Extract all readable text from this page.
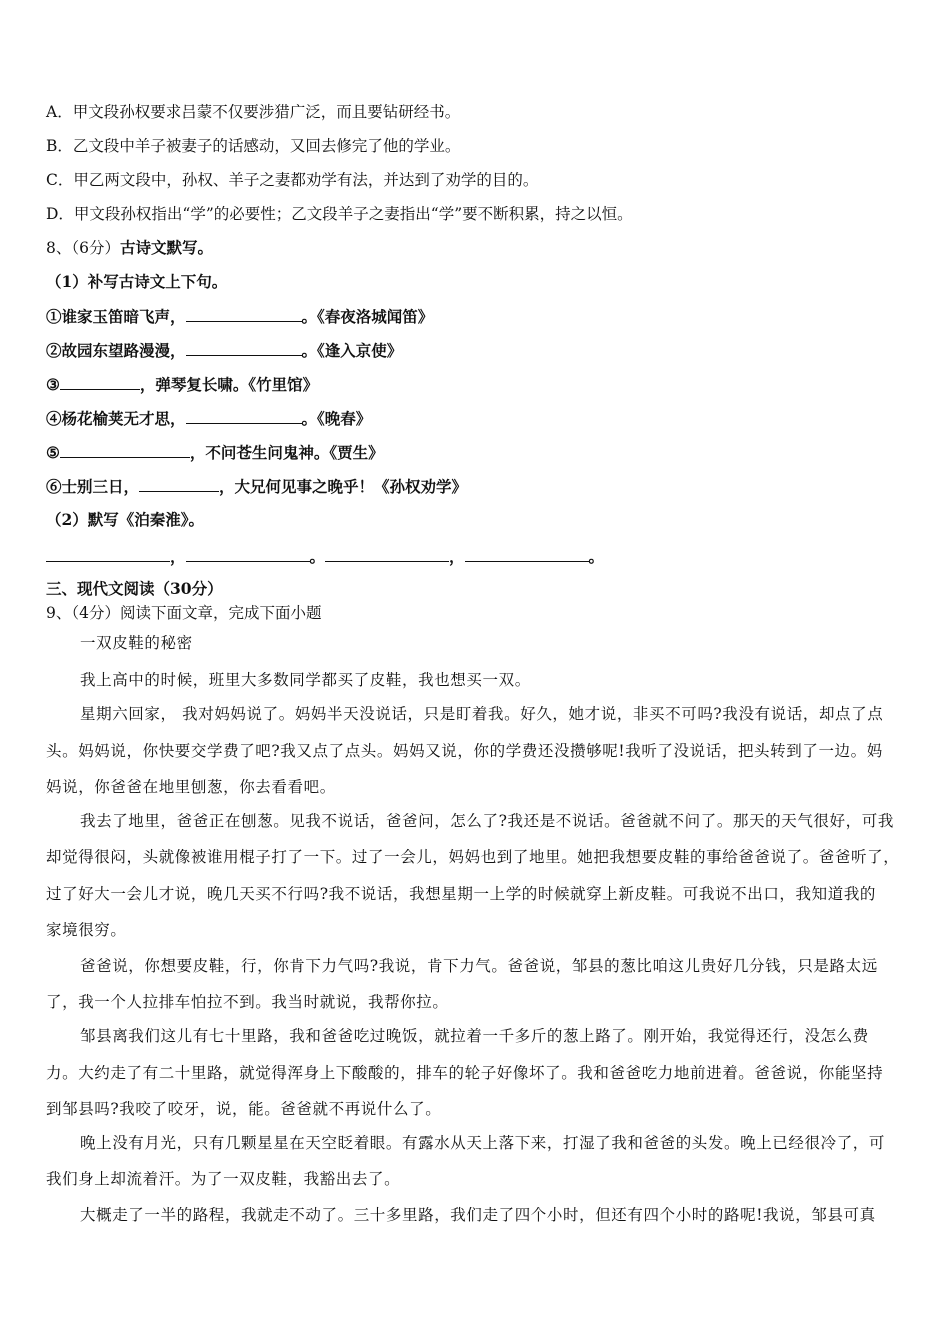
A．甲文段孙权要求吕蒙不仅要涉猎广泛，而且要钻研经书。
B．乙文段中羊子被妻子的话感动，又回去修完了他的学业。
C．甲乙两文段中，孙权、羊子之妻都劝学有法，并达到了劝学的目的。
D．甲文段孙权指出“学”的必要性；乙文段羊子之妻指出“学”要不断积累，持之以恒。
8、（6分）古诗文默写。
（1）补写古诗文上下句。
①谁家玉笛暗飞声，	。《春夜洛城闻笛》
②故园东望路漫漫，	。《逢入京使》
③	，弹琴复长啸。《竹里馆》
④杨花榆荚无才思，	。《晚春》
⑤	，不问苍生问鬼神。《贾生》
⑥士别三日，	，大兄何见事之晚乎！《孙权劝学》
（2）默写《泊秦淮》。
，	。	，	。
三、现代文阅读（30分）
9、（4分）阅读下面文章，完成下面小题
一双皮鞋的秘密
我上高中的时候，班里大多数同学都买了皮鞋，我也想买一双。
星期六回家， 我对妈妈说了。妈妈半天没说话，只是盯着我。好久，她才说，非买不可吗?我没有说话，却点了点
头。妈妈说，你快要交学费了吧?我又点了点头。妈妈又说，你的学费还没攒够呢!我听了没说话，把头转到了一边。妈
妈说，你爸爸在地里刨葱，你去看看吧。
我去了地里，爸爸正在刨葱。见我不说话，爸爸问，怎么了?我还是不说话。爸爸就不问了。那天的天气很好，可我
却觉得很闷，头就像被谁用棍子打了一下。过了一会儿，妈妈也到了地里。她把我想要皮鞋的事给爸爸说了。爸爸听了，
过了好大一会儿才说，晚几天买不行吗?我不说话，我想星期一上学的时候就穿上新皮鞋。可我说不出口，我知道我的
家境很穷。
爸爸说，你想要皮鞋，行，你肯下力气吗?我说，肯下力气。爸爸说，邹县的葱比咱这儿贵好几分钱，只是路太远
了，我一个人拉排车怕拉不到。我当时就说，我帮你拉。
邹县离我们这儿有七十里路，我和爸爸吃过晚饭，就拉着一千多斤的葱上路了。刚开始，我觉得还行，没怎么费
力。大约走了有二十里路，就觉得浑身上下酸酸的，排车的轮子好像坏了。我和爸爸吃力地前进着。爸爸说，你能坚持
到邹县吗?我咬了咬牙，说，能。爸爸就不再说什么了。
晚上没有月光，只有几颗星星在天空眨着眼。有露水从天上落下来，打湿了我和爸爸的头发。晚上已经很冷了，可
我们身上却流着汗。为了一双皮鞋，我豁出去了。
大概走了一半的路程，我就走不动了。三十多里路，我们走了四个小时，但还有四个小时的路呢!我说，邹县可真
